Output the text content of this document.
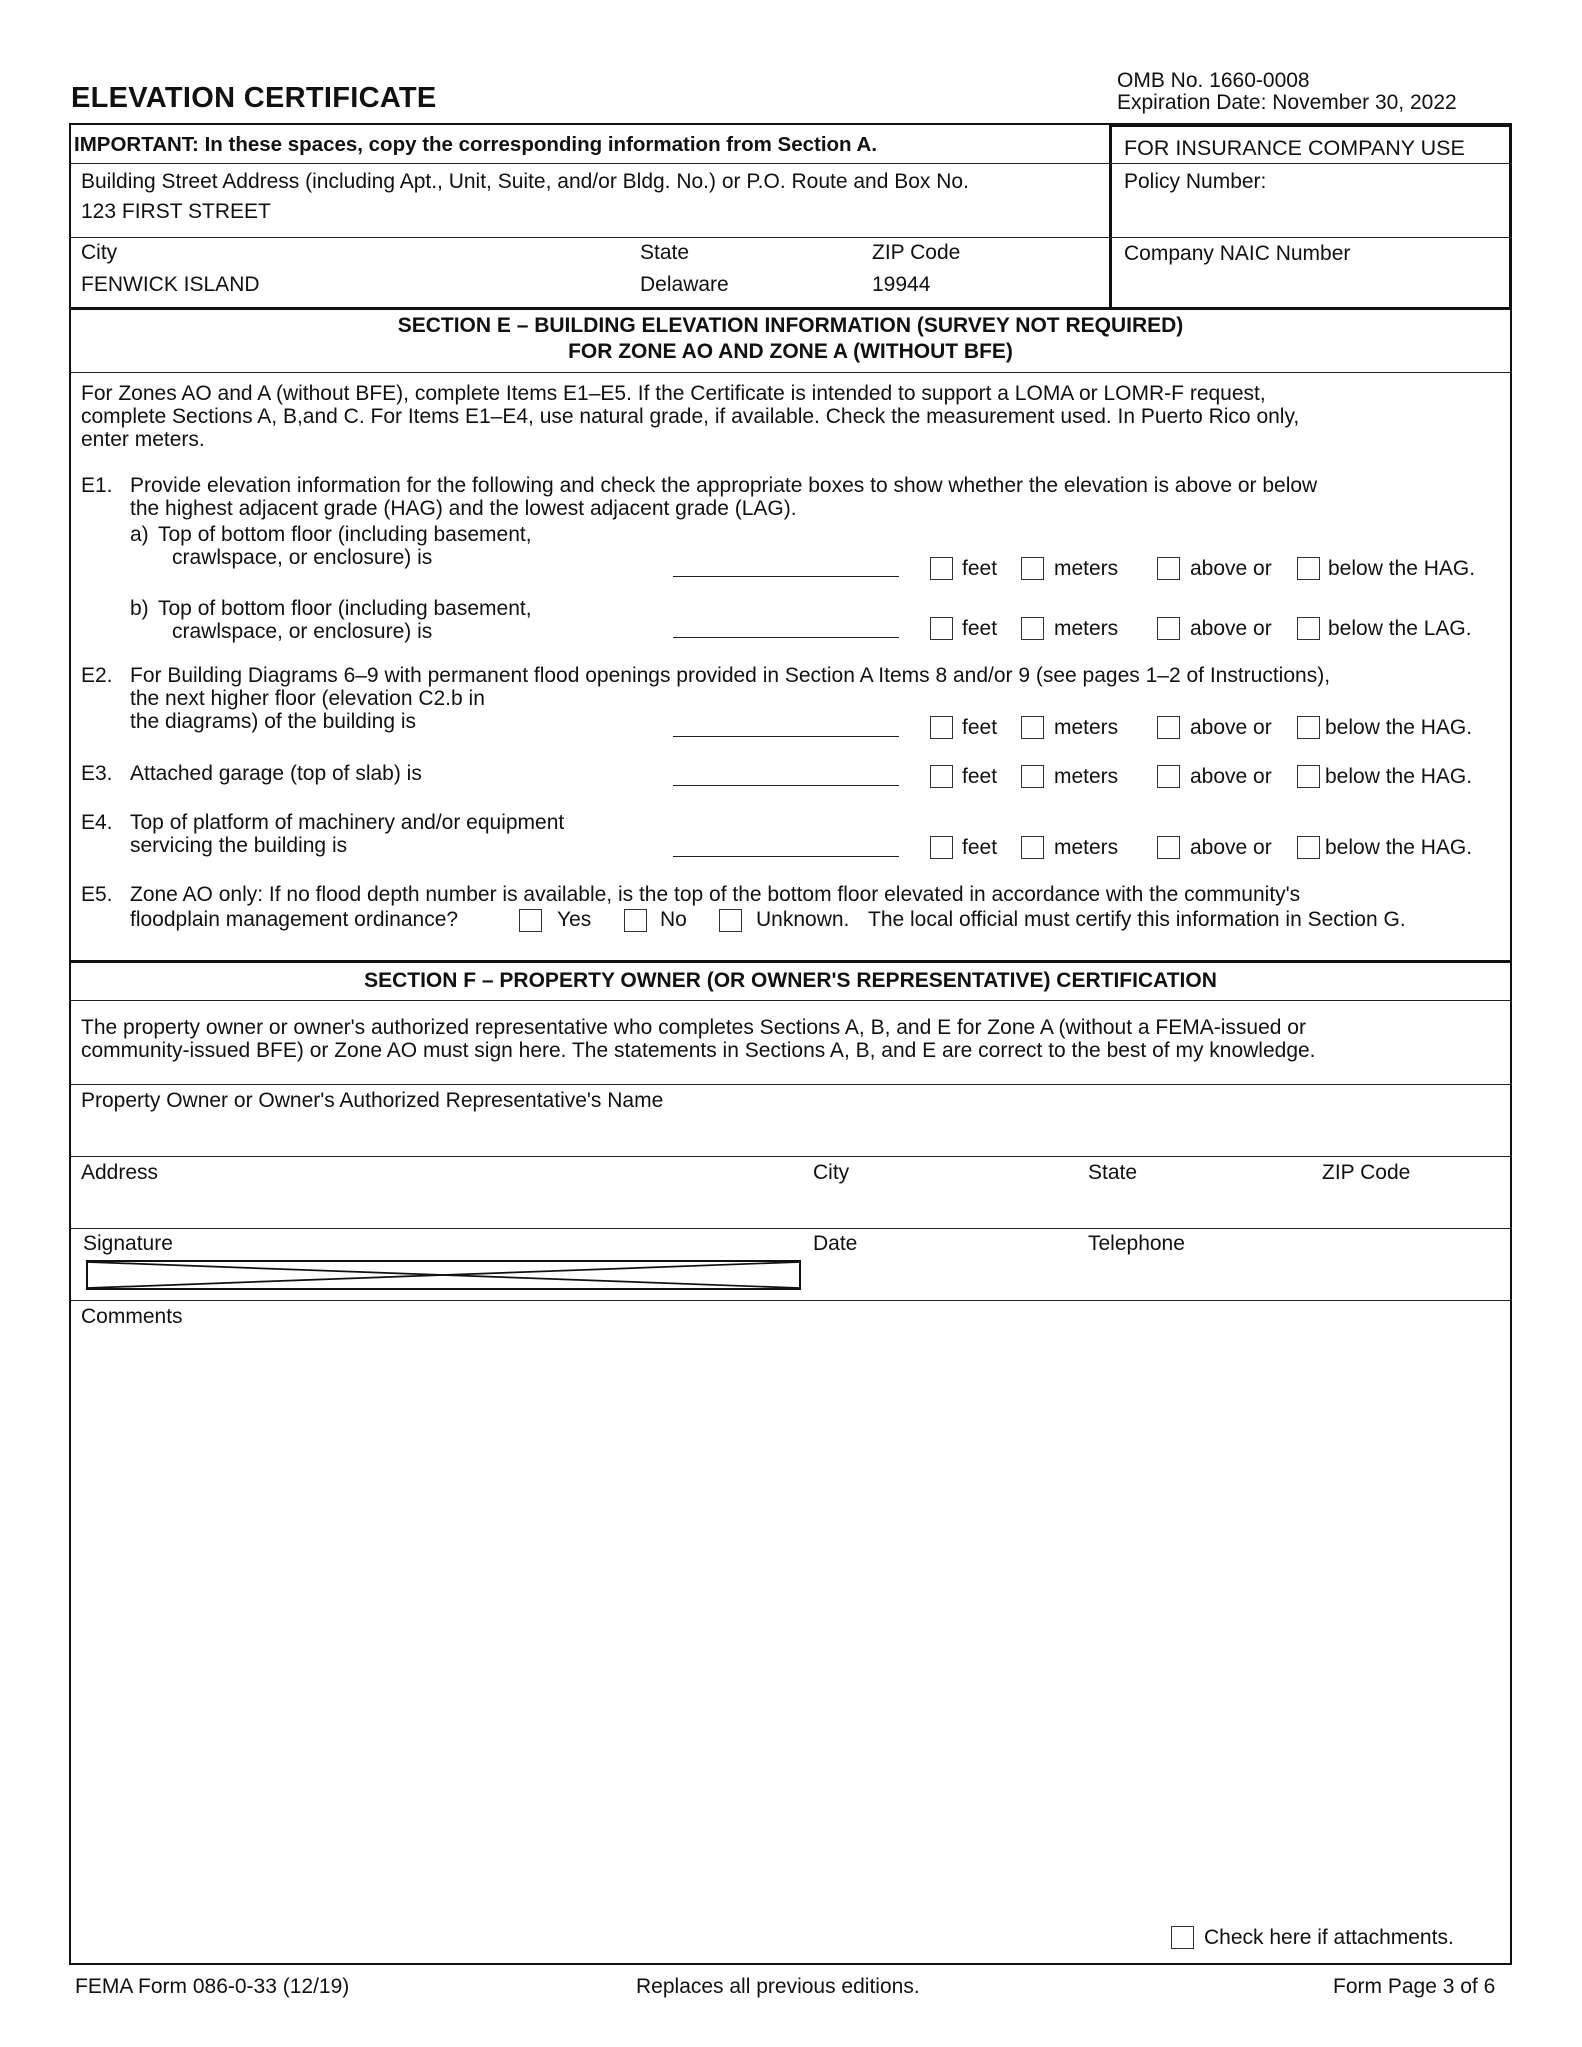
ELEVATION CERTIFICATE
OMB No. 1660-0008
Expiration Date: November 30, 2022
IMPORTANT: In these spaces, copy the corresponding information from Section A.
Building Street Address (including Apt., Unit, Suite, and/or Bldg. No.) or P.O. Route and Box No.
123 FIRST STREET
City
FENWICK ISLAND
State
Delaware
ZIP Code
19944
FOR INSURANCE COMPANY USE
Policy Number:
Company NAIC Number
SECTION E – BUILDING ELEVATION INFORMATION (SURVEY NOT REQUIRED)
FOR ZONE AO AND ZONE A (WITHOUT BFE)
For Zones AO and A (without BFE), complete Items E1–E5. If the Certificate is intended to support a LOMA or LOMR-F request,
complete Sections A, B,and C. For Items E1–E4, use natural grade, if available. Check the measurement used. In Puerto Rico only,
enter meters.
E1. Provide elevation information for the following and check the appropriate boxes to show whether the elevation is above or below
the highest adjacent grade (HAG) and the lowest adjacent grade (LAG).
a) Top of bottom floor (including basement,
crawlspace, or enclosure) is	feet	meters	above or	below the HAG.
b) Top of bottom floor (including basement,
crawlspace, or enclosure) is	feet	meters	above or	below the LAG.
E2. For Building Diagrams 6–9 with permanent flood openings provided in Section A Items 8 and/or 9 (see pages 1–2 of Instructions),
the next higher floor (elevation C2.b in
the diagrams) of the building is	feet	meters	above or	below the HAG.
E3. Attached garage (top of slab) is	feet	meters	above or	below the HAG.
E4. Top of platform of machinery and/or equipment
servicing the building is	feet	meters	above or	below the HAG.
E5. Zone AO only: If no flood depth number is available, is the top of the bottom floor elevated in accordance with the community's
floodplain management ordinance?	Yes	No	Unknown. The local official must certify this information in Section G.
SECTION F – PROPERTY OWNER (OR OWNER'S REPRESENTATIVE) CERTIFICATION
The property owner or owner's authorized representative who completes Sections A, B, and E for Zone A (without a FEMA-issued or
community-issued BFE) or Zone AO must sign here. The statements in Sections A, B, and E are correct to the best of my knowledge.
Property Owner or Owner's Authorized Representative's Name
Address	City	State	ZIP Code
Signature	Date	Telephone
Comments
Check here if attachments.
FEMA Form 086-0-33 (12/19)	Replaces all previous editions.	Form Page 3 of 6
